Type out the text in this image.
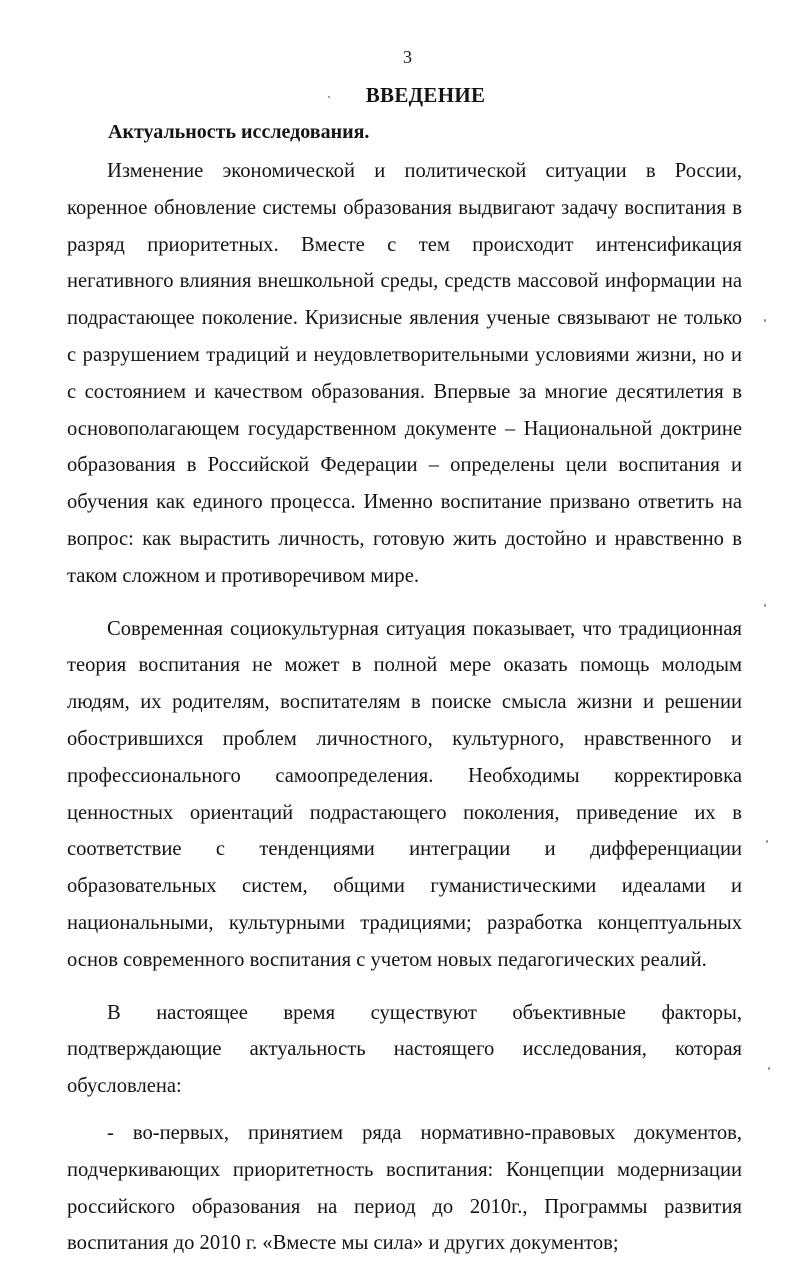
3
ВВЕДЕНИЕ
Актуальность исследования.

Изменение экономической и политической ситуации в России, коренное обновление системы образования выдвигают задачу воспитания в разряд приоритетных. Вместе с тем происходит интенсификация негативного влияния внешкольной среды, средств массовой информации на подрастающее поколение. Кризисные явления ученые связывают не только с разрушением традиций и неудовлетворительными условиями жизни, но и с состоянием и качеством образования. Впервые за многие десятилетия в основополагающем государственном документе – Национальной доктрине образования в Российской Федерации – определены цели воспитания и обучения как единого процесса. Именно воспитание призвано ответить на вопрос: как вырастить личность, готовую жить достойно и нравственно в таком сложном и противоречивом мире.

Современная социокультурная ситуация показывает, что традиционная теория воспитания не может в полной мере оказать помощь молодым людям, их родителям, воспитателям в поиске смысла жизни и решении обострившихся проблем личностного, культурного, нравственного и профессионального самоопределения. Необходимы корректировка ценностных ориентаций подрастающего поколения, приведение их в соответствие с тенденциями интеграции и дифференциации образовательных систем, общими гуманистическими идеалами и национальными, культурными традициями; разработка концептуальных основ современного воспитания с учетом новых педагогических реалий.

В настоящее время существуют объективные факторы, подтверждающие актуальность настоящего исследования, которая обусловлена:

- во-первых, принятием ряда нормативно-правовых документов, подчеркивающих приоритетность воспитания: Концепции модернизации российского образования на период до 2010г., Программы развития воспитания до 2010 г. «Вместе мы сила» и других документов;
